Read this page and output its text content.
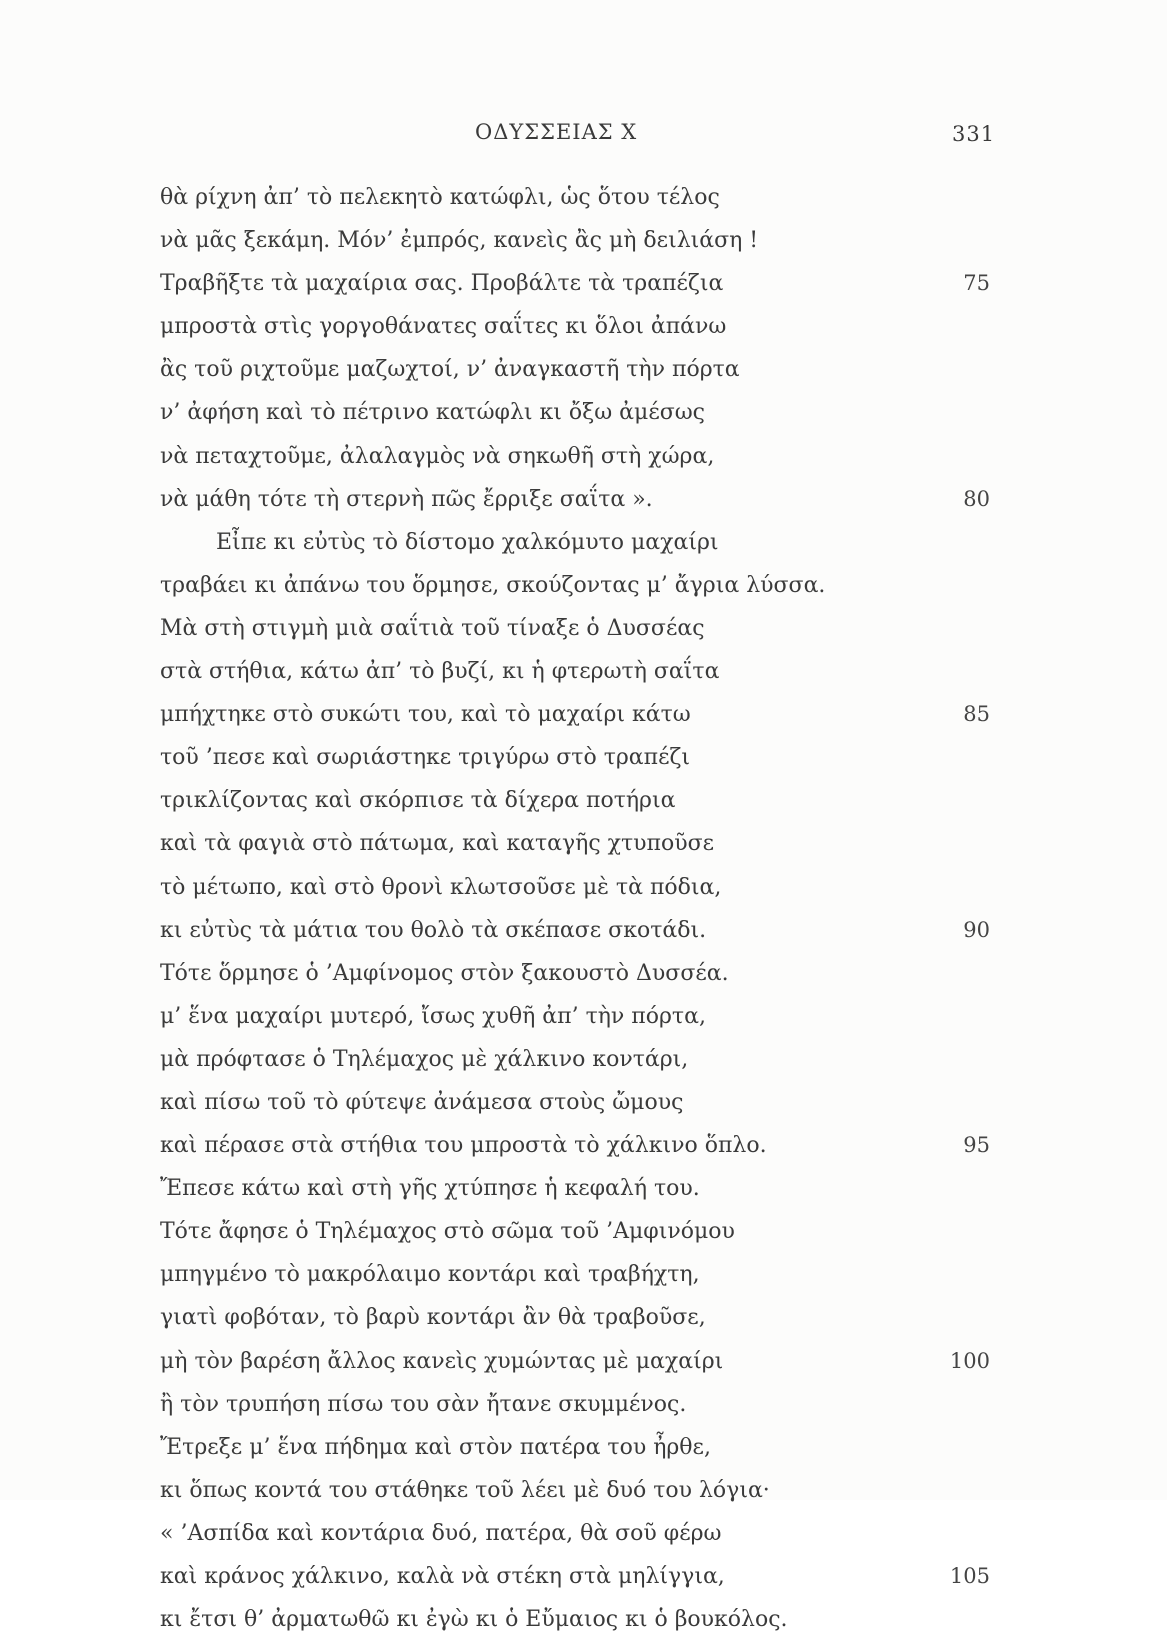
ΟΔΥΣΣΕΙΑΣ Χ	331
θὰ ρίχνη ἀπ’ τὸ πελεκητὸ κατώφλι, ὡς ὅτου τέλος
νὰ μᾶς ξεκάμη. Μόν’ ἐμπρός, κανεὶς ἂς μὴ δειλιάση !
Τραβῆξτε τὰ μαχαίρια σας. Προβάλτε τὰ τραπέζια	75
μπροστὰ στὶς γοργοθάνατες σαΐτες κι ὅλοι ἀπάνω
ἂς τοῦ ριχτοῦμε μαζωχτοί, ν’ ἀναγκαστῆ τὴν πόρτα
ν’ ἀφήση καὶ τὸ πέτρινο κατώφλι κι ὄξω ἀμέσως
νὰ πεταχτοῦμε, ἀλαλαγμὸς νὰ σηκωθῆ στὴ χώρα,
νὰ μάθη τότε τὴ στερνὴ πῶς ἔρριξε σαΐτα ».	80
Εἶπε κι εὐτὺς τὸ δίστομο χαλκόμυτο μαχαίρι
τραβάει κι ἀπάνω του ὅρμησε, σκούζοντας μ’ ἄγρια λύσσα.
Μὰ στὴ στιγμὴ μιὰ σαΐτιὰ τοῦ τίναξε ὁ Δυσσέας
στὰ στήθια, κάτω ἀπ’ τὸ βυζί, κι ἡ φτερωτὴ σαΐτα
μπήχτηκε στὸ συκώτι του, καὶ τὸ μαχαίρι κάτω	85
τοῦ ’πεσε καὶ σωριάστηκε τριγύρω στὸ τραπέζι
τρικλίζοντας καὶ σκόρπισε τὰ δίχερα ποτήρια
καὶ τὰ φαγιὰ στὸ πάτωμα, καὶ καταγῆς χτυποῦσε
τὸ μέτωπο, καὶ στὸ θρονὶ κλωτσοῦσε μὲ τὰ πόδια,
κι εὐτὺς τὰ μάτια του θολὸ τὰ σκέπασε σκοτάδι.	90
Τότε ὅρμησε ὁ ’Αμφίνομος στὸν ξακουστὸ Δυσσέα.
μ’ ἕνα μαχαίρι μυτερό, ἴσως χυθῆ ἀπ’ τὴν πόρτα,
μὰ πρόφτασε ὁ Τηλέμαχος μὲ χάλκινο κοντάρι,
καὶ πίσω τοῦ τὸ φύτεψε ἀνάμεσα στοὺς ὤμους
καὶ πέρασε στὰ στήθια του μπροστὰ τὸ χάλκινο ὅπλο.	95
Ἔπεσε κάτω καὶ στὴ γῆς χτύπησε ἡ κεφαλή του.
Τότε ἄφησε ὁ Τηλέμαχος στὸ σῶμα τοῦ ’Αμφινόμου
μπηγμένο τὸ μακρόλαιμο κοντάρι καὶ τραβήχτη,
γιατὶ φοβόταν, τὸ βαρὺ κοντάρι ἂν θὰ τραβοῦσε,
μὴ τὸν βαρέση ἄλλος κανεὶς χυμώντας μὲ μαχαίρι	100
ἢ τὸν τρυπήση πίσω του σὰν ἤτανε σκυμμένος.
Ἔτρεξε μ’ ἕνα πήδημα καὶ στὸν πατέρα του ἦρθε,
κι ὅπως κοντά του στάθηκε τοῦ λέει μὲ δυό του λόγια·
« ’Ασπίδα καὶ κοντάρια δυό, πατέρα, θὰ σοῦ φέρω
καὶ κράνος χάλκινο, καλὰ νὰ στέκη στὰ μηλίγγια,	105
κι ἔτσι θ’ ἀρματωθῶ κι ἐγὼ κι ὁ Εὔμαιος κι ὁ βουκόλος.
